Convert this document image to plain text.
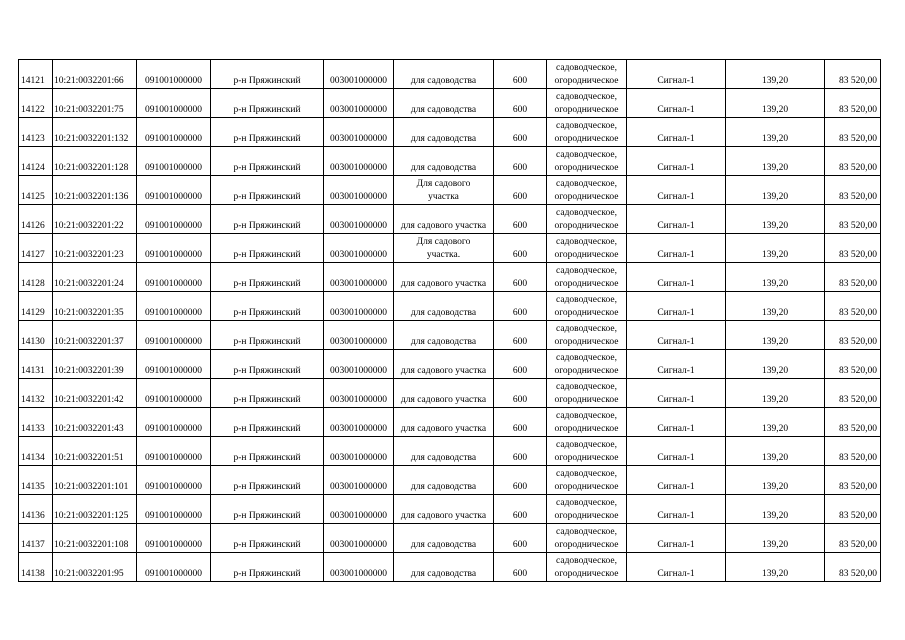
14121	10:21:0032201:66	091001000000	р-н Пряжинский	003001000000	для садоводства	600	садоводческое,
огородническое	Сигнал-1	139,20	83 520,00
14122	10:21:0032201:75	091001000000	р-н Пряжинский	003001000000	для садоводства	600	садоводческое,
огородническое	Сигнал-1	139,20	83 520,00
14123	10:21:0032201:132	091001000000	р-н Пряжинский	003001000000	для садоводства	600	садоводческое,
огородническое	Сигнал-1	139,20	83 520,00
14124	10:21:0032201:128	091001000000	р-н Пряжинский	003001000000	для садоводства	600	садоводческое,
огородническое	Сигнал-1	139,20	83 520,00
14125	10:21:0032201:136	091001000000	р-н Пряжинский	003001000000	Для садового
участка	600	садоводческое,
огородническое	Сигнал-1	139,20	83 520,00
14126	10:21:0032201:22	091001000000	р-н Пряжинский	003001000000	для садового участка	600	садоводческое,
огородническое	Сигнал-1	139,20	83 520,00
14127	10:21:0032201:23	091001000000	р-н Пряжинский	003001000000	Для садового
участка.	600	садоводческое,
огородническое	Сигнал-1	139,20	83 520,00
14128	10:21:0032201:24	091001000000	р-н Пряжинский	003001000000	для садового участка	600	садоводческое,
огородническое	Сигнал-1	139,20	83 520,00
14129	10:21:0032201:35	091001000000	р-н Пряжинский	003001000000	для садоводства	600	садоводческое,
огородническое	Сигнал-1	139,20	83 520,00
14130	10:21:0032201:37	091001000000	р-н Пряжинский	003001000000	для садоводства	600	садоводческое,
огородническое	Сигнал-1	139,20	83 520,00
14131	10:21:0032201:39	091001000000	р-н Пряжинский	003001000000	для садового участка	600	садоводческое,
огородническое	Сигнал-1	139,20	83 520,00
14132	10:21:0032201:42	091001000000	р-н Пряжинский	003001000000	для садового участка	600	садоводческое,
огородническое	Сигнал-1	139,20	83 520,00
14133	10:21:0032201:43	091001000000	р-н Пряжинский	003001000000	для садового участка	600	садоводческое,
огородническое	Сигнал-1	139,20	83 520,00
14134	10:21:0032201:51	091001000000	р-н Пряжинский	003001000000	для садоводства	600	садоводческое,
огородническое	Сигнал-1	139,20	83 520,00
14135	10:21:0032201:101	091001000000	р-н Пряжинский	003001000000	для садоводства	600	садоводческое,
огородническое	Сигнал-1	139,20	83 520,00
14136	10:21:0032201:125	091001000000	р-н Пряжинский	003001000000	для садового участка	600	садоводческое,
огородническое	Сигнал-1	139,20	83 520,00
14137	10:21:0032201:108	091001000000	р-н Пряжинский	003001000000	для садоводства	600	садоводческое,
огородническое	Сигнал-1	139,20	83 520,00
14138	10:21:0032201:95	091001000000	р-н Пряжинский	003001000000	для садоводства	600	садоводческое,
огородническое	Сигнал-1	139,20	83 520,00
